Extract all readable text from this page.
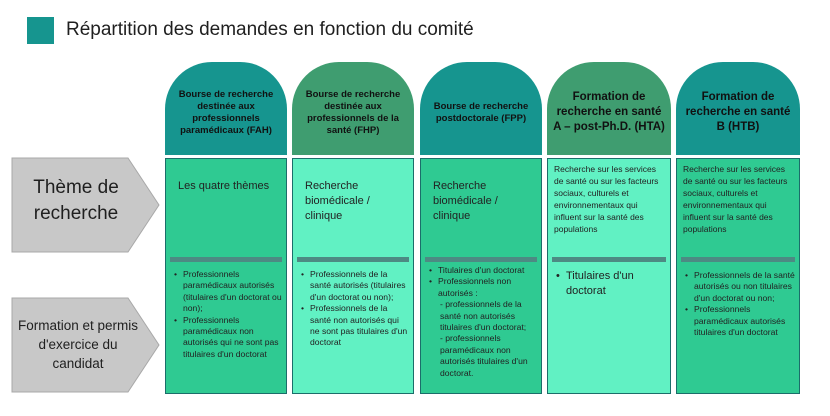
Répartition des demandes en fonction du comité
Thème de recherche
Formation et permis d'exercice du candidat
Bourse de recherche destinée aux professionnels paramédicaux (FAH)
Bourse de recherche destinée aux professionnels de la santé (FHP)
Bourse de recherche postdoctorale (FPP)
Formation de recherche en santé A – post-Ph.D. (HTA)
Formation de recherche en santé B (HTB)
Les quatre thèmes
• Professionnels paramédicaux autorisés (titulaires d'un doctorat ou non);
• Professionnels paramédicaux non autorisés qui ne sont pas titulaires d'un doctorat
Recherche biomédicale / clinique
• Professionnels de la santé autorisés (titulaires d'un doctorat ou non);
• Professionnels de la santé non autorisés qui ne sont pas titulaires d'un doctorat
Recherche biomédicale / clinique
• Titulaires d'un doctorat
• Professionnels non autorisés :
- professionnels de la santé non autorisés titulaires d'un doctorat;
- professionnels paramédicaux non autorisés titulaires d'un doctorat.
Recherche sur les services de santé ou sur les facteurs sociaux, culturels et environnementaux qui influent sur la santé des populations
• Titulaires d'un doctorat
Recherche sur les services de santé ou sur les facteurs sociaux, culturels et environnementaux qui influent sur la santé des populations
• Professionnels de la santé autorisés ou non titulaires d'un doctorat ou non;
• Professionnels paramédicaux autorisés titulaires d'un doctorat
